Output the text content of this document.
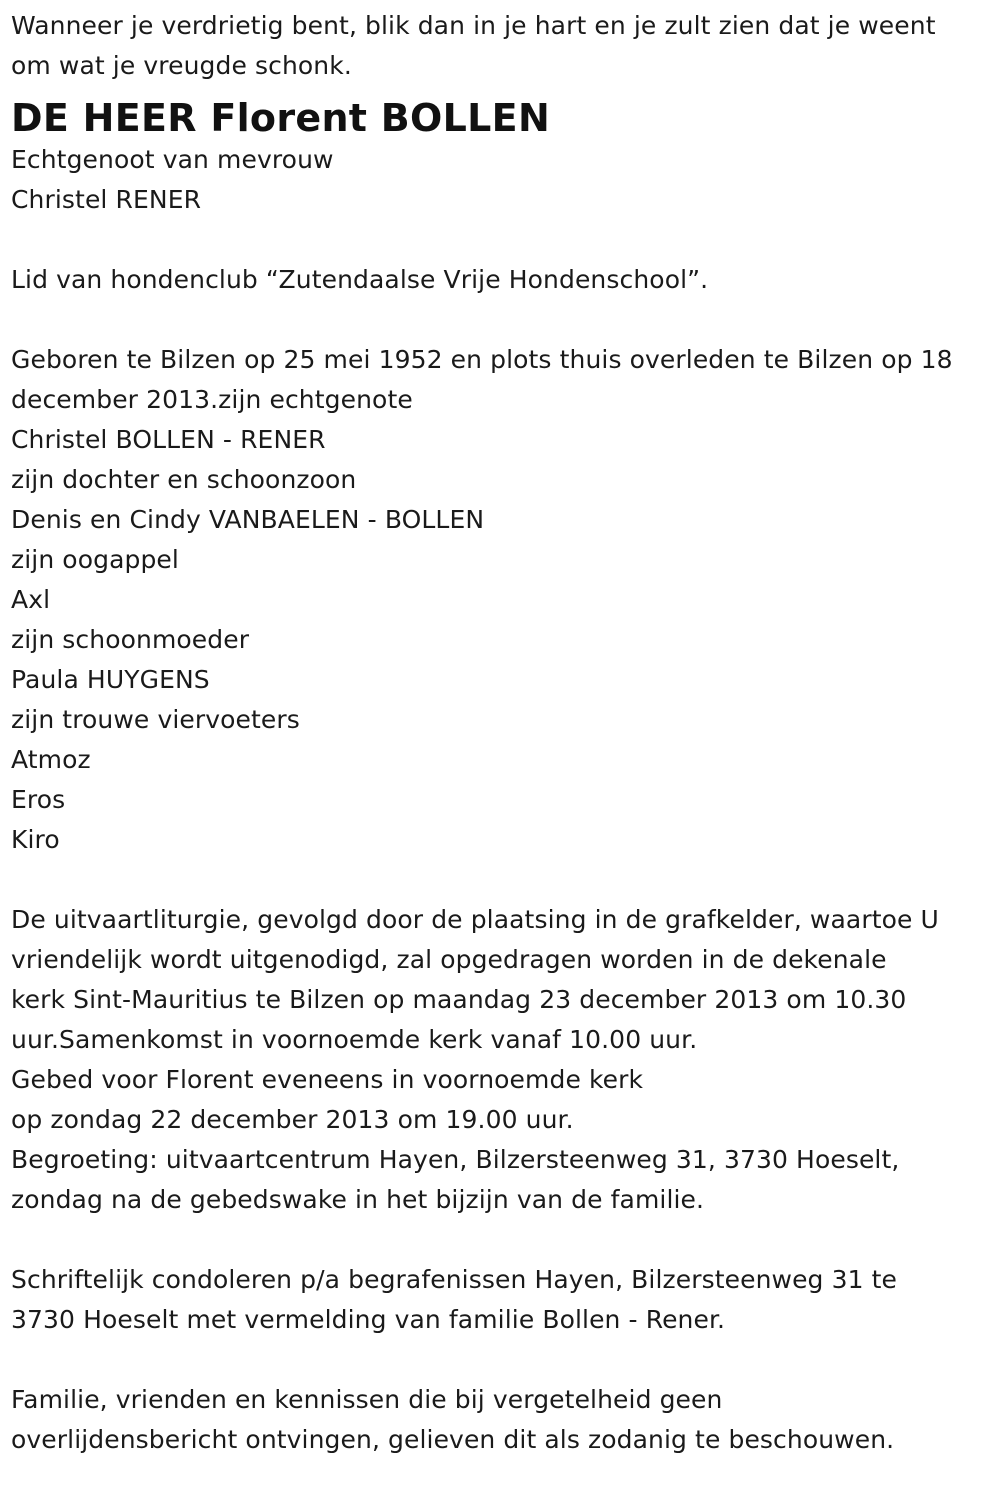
Wanneer je verdrietig bent, blik dan in je hart en je zult zien dat je weent
om wat je vreugde schonk.
DE HEER Florent BOLLEN
Echtgenoot van mevrouw
Christel RENER
Lid van hondenclub “Zutendaalse Vrije Hondenschool”.
Geboren te Bilzen op 25 mei 1952 en plots thuis overleden te Bilzen op 18
december 2013.zijn echtgenote
Christel BOLLEN - RENER
zijn dochter en schoonzoon
Denis en Cindy VANBAELEN - BOLLEN
zijn oogappel
Axl
zijn schoonmoeder
Paula HUYGENS
zijn trouwe viervoeters
Atmoz
Eros
Kiro
De uitvaartliturgie, gevolgd door de plaatsing in de grafkelder, waartoe U
vriendelijk wordt uitgenodigd, zal opgedragen worden in de dekenale
kerk Sint-Mauritius te Bilzen op maandag 23 december 2013 om 10.30
uur.Samenkomst in voornoemde kerk vanaf 10.00 uur.
Gebed voor Florent eveneens in voornoemde kerk
op zondag 22 december 2013 om 19.00 uur.
Begroeting: uitvaartcentrum Hayen, Bilzersteenweg 31, 3730 Hoeselt,
zondag na de gebedswake in het bijzijn van de familie.
Schriftelijk condoleren p/a begrafenissen Hayen, Bilzersteenweg 31 te
3730 Hoeselt met vermelding van familie Bollen - Rener.
Familie, vrienden en kennissen die bij vergetelheid geen
overlijdensbericht ontvingen, gelieven dit als zodanig te beschouwen.
